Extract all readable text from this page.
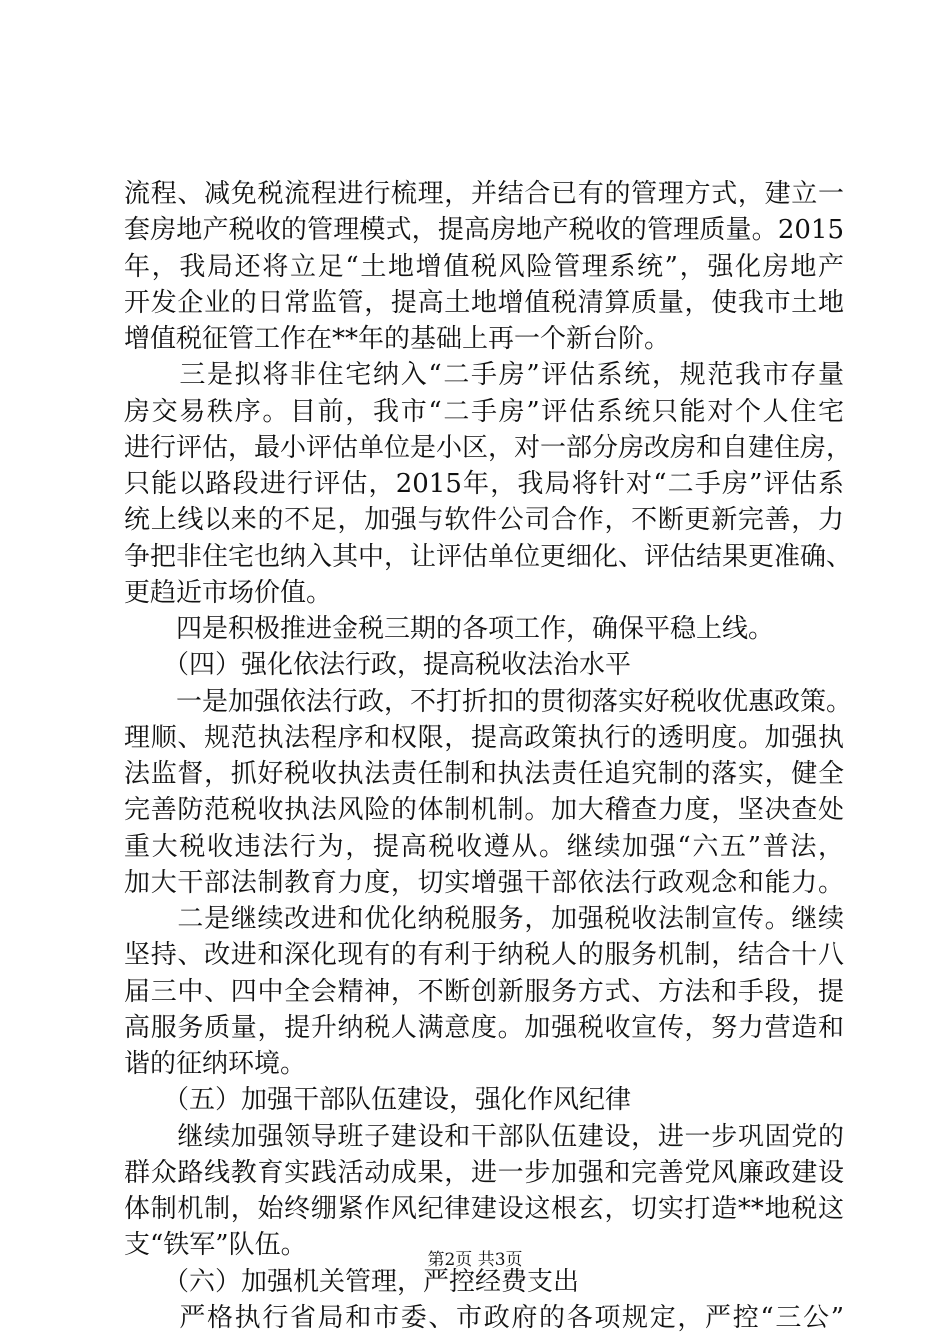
流程、减免税流程进行梳理，并结合已有的管理方式，建立一
套房地产税收的管理模式，提高房地产税收的管理质量。2015
年，我局还将立足“土地增值税风险管理系统”，强化房地产
开发企业的日常监管，提高土地增值税清算质量，使我市土地
增值税征管工作在**年的基础上再一个新台阶。
　　三是拟将非住宅纳入“二手房”评估系统，规范我市存量
房交易秩序。目前，我市“二手房”评估系统只能对个人住宅
进行评估，最小评估单位是小区，对一部分房改房和自建住房，
只能以路段进行评估，2015年，我局将针对“二手房”评估系
统上线以来的不足，加强与软件公司合作，不断更新完善，力
争把非住宅也纳入其中，让评估单位更细化、评估结果更准确、
更趋近市场价值。
　　四是积极推进金税三期的各项工作，确保平稳上线。
　　（四）强化依法行政，提高税收法治水平
　　一是加强依法行政，不打折扣的贯彻落实好税收优惠政策。
理顺、规范执法程序和权限，提高政策执行的透明度。加强执
法监督，抓好税收执法责任制和执法责任追究制的落实，健全
完善防范税收执法风险的体制机制。加大稽查力度，坚决查处
重大税收违法行为，提高税收遵从。继续加强“六五”普法，
加大干部法制教育力度，切实增强干部依法行政观念和能力。
　　二是继续改进和优化纳税服务，加强税收法制宣传。继续
坚持、改进和深化现有的有利于纳税人的服务机制，结合十八
届三中、四中全会精神，不断创新服务方式、方法和手段，提
高服务质量，提升纳税人满意度。加强税收宣传，努力营造和
谐的征纳环境。
　　（五）加强干部队伍建设，强化作风纪律
　　继续加强领导班子建设和干部队伍建设，进一步巩固党的
群众路线教育实践活动成果，进一步加强和完善党风廉政建设
体制机制，始终绷紧作风纪律建设这根玄，切实打造**地税这
支“铁军”队伍。
　　（六）加强机关管理，严控经费支出
　　严格执行省局和市委、市政府的各项规定，严控“三公”
第2页 共3页
